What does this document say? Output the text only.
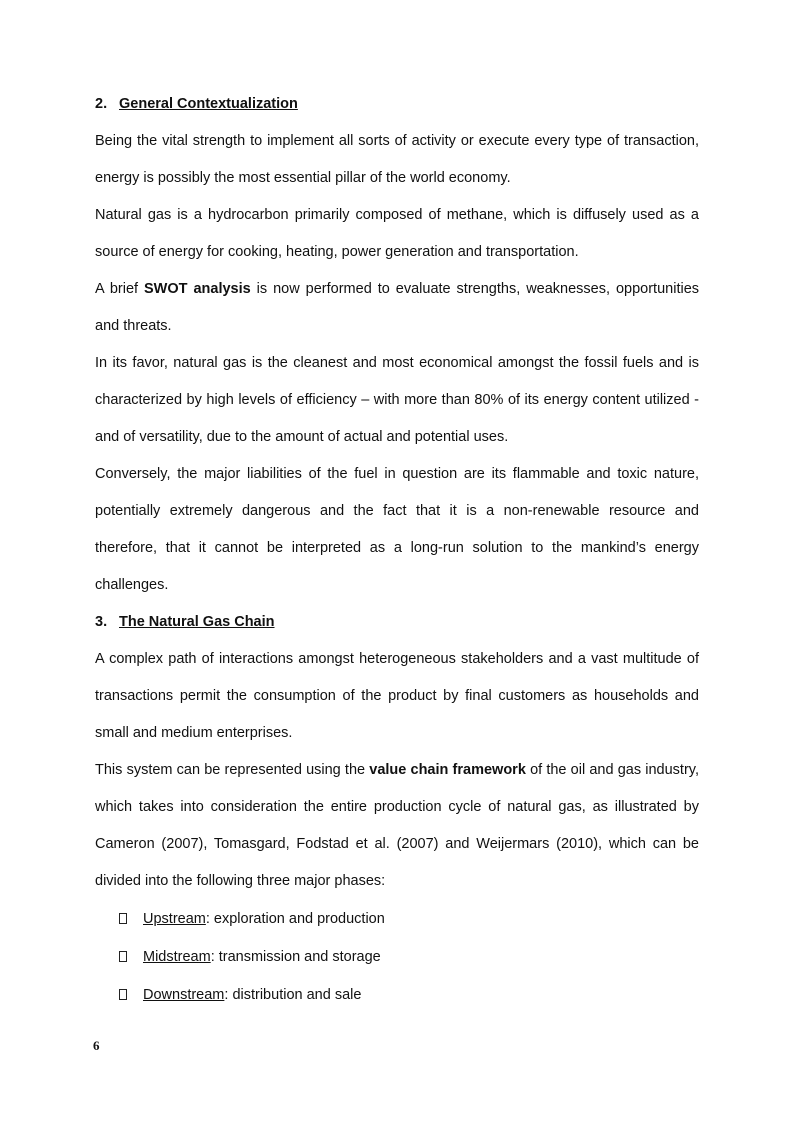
2. General Contextualization

Being the vital strength to implement all sorts of activity or execute every type of transaction, energy is possibly the most essential pillar of the world economy.

Natural gas is a hydrocarbon primarily composed of methane, which is diffusely used as a source of energy for cooking, heating, power generation and transportation.

A brief SWOT analysis is now performed to evaluate strengths, weaknesses, opportunities and threats.

In its favor, natural gas is the cleanest and most economical amongst the fossil fuels and is characterized by high levels of efficiency – with more than 80% of its energy content utilized - and of versatility, due to the amount of actual and potential uses.

Conversely, the major liabilities of the fuel in question are its flammable and toxic nature, potentially extremely dangerous and the fact that it is a non-renewable resource and therefore, that it cannot be interpreted as a long-run solution to the mankind’s energy challenges.

3. The Natural Gas Chain

A complex path of interactions amongst heterogeneous stakeholders and a vast multitude of transactions permit the consumption of the product by final customers as households and small and medium enterprises.

This system can be represented using the value chain framework of the oil and gas industry, which takes into consideration the entire production cycle of natural gas, as illustrated by Cameron (2007), Tomasgard, Fodstad et al. (2007) and Weijermars (2010), which can be divided into the following three major phases:

Upstream: exploration and production
Midstream: transmission and storage
Downstream: distribution and sale
6
